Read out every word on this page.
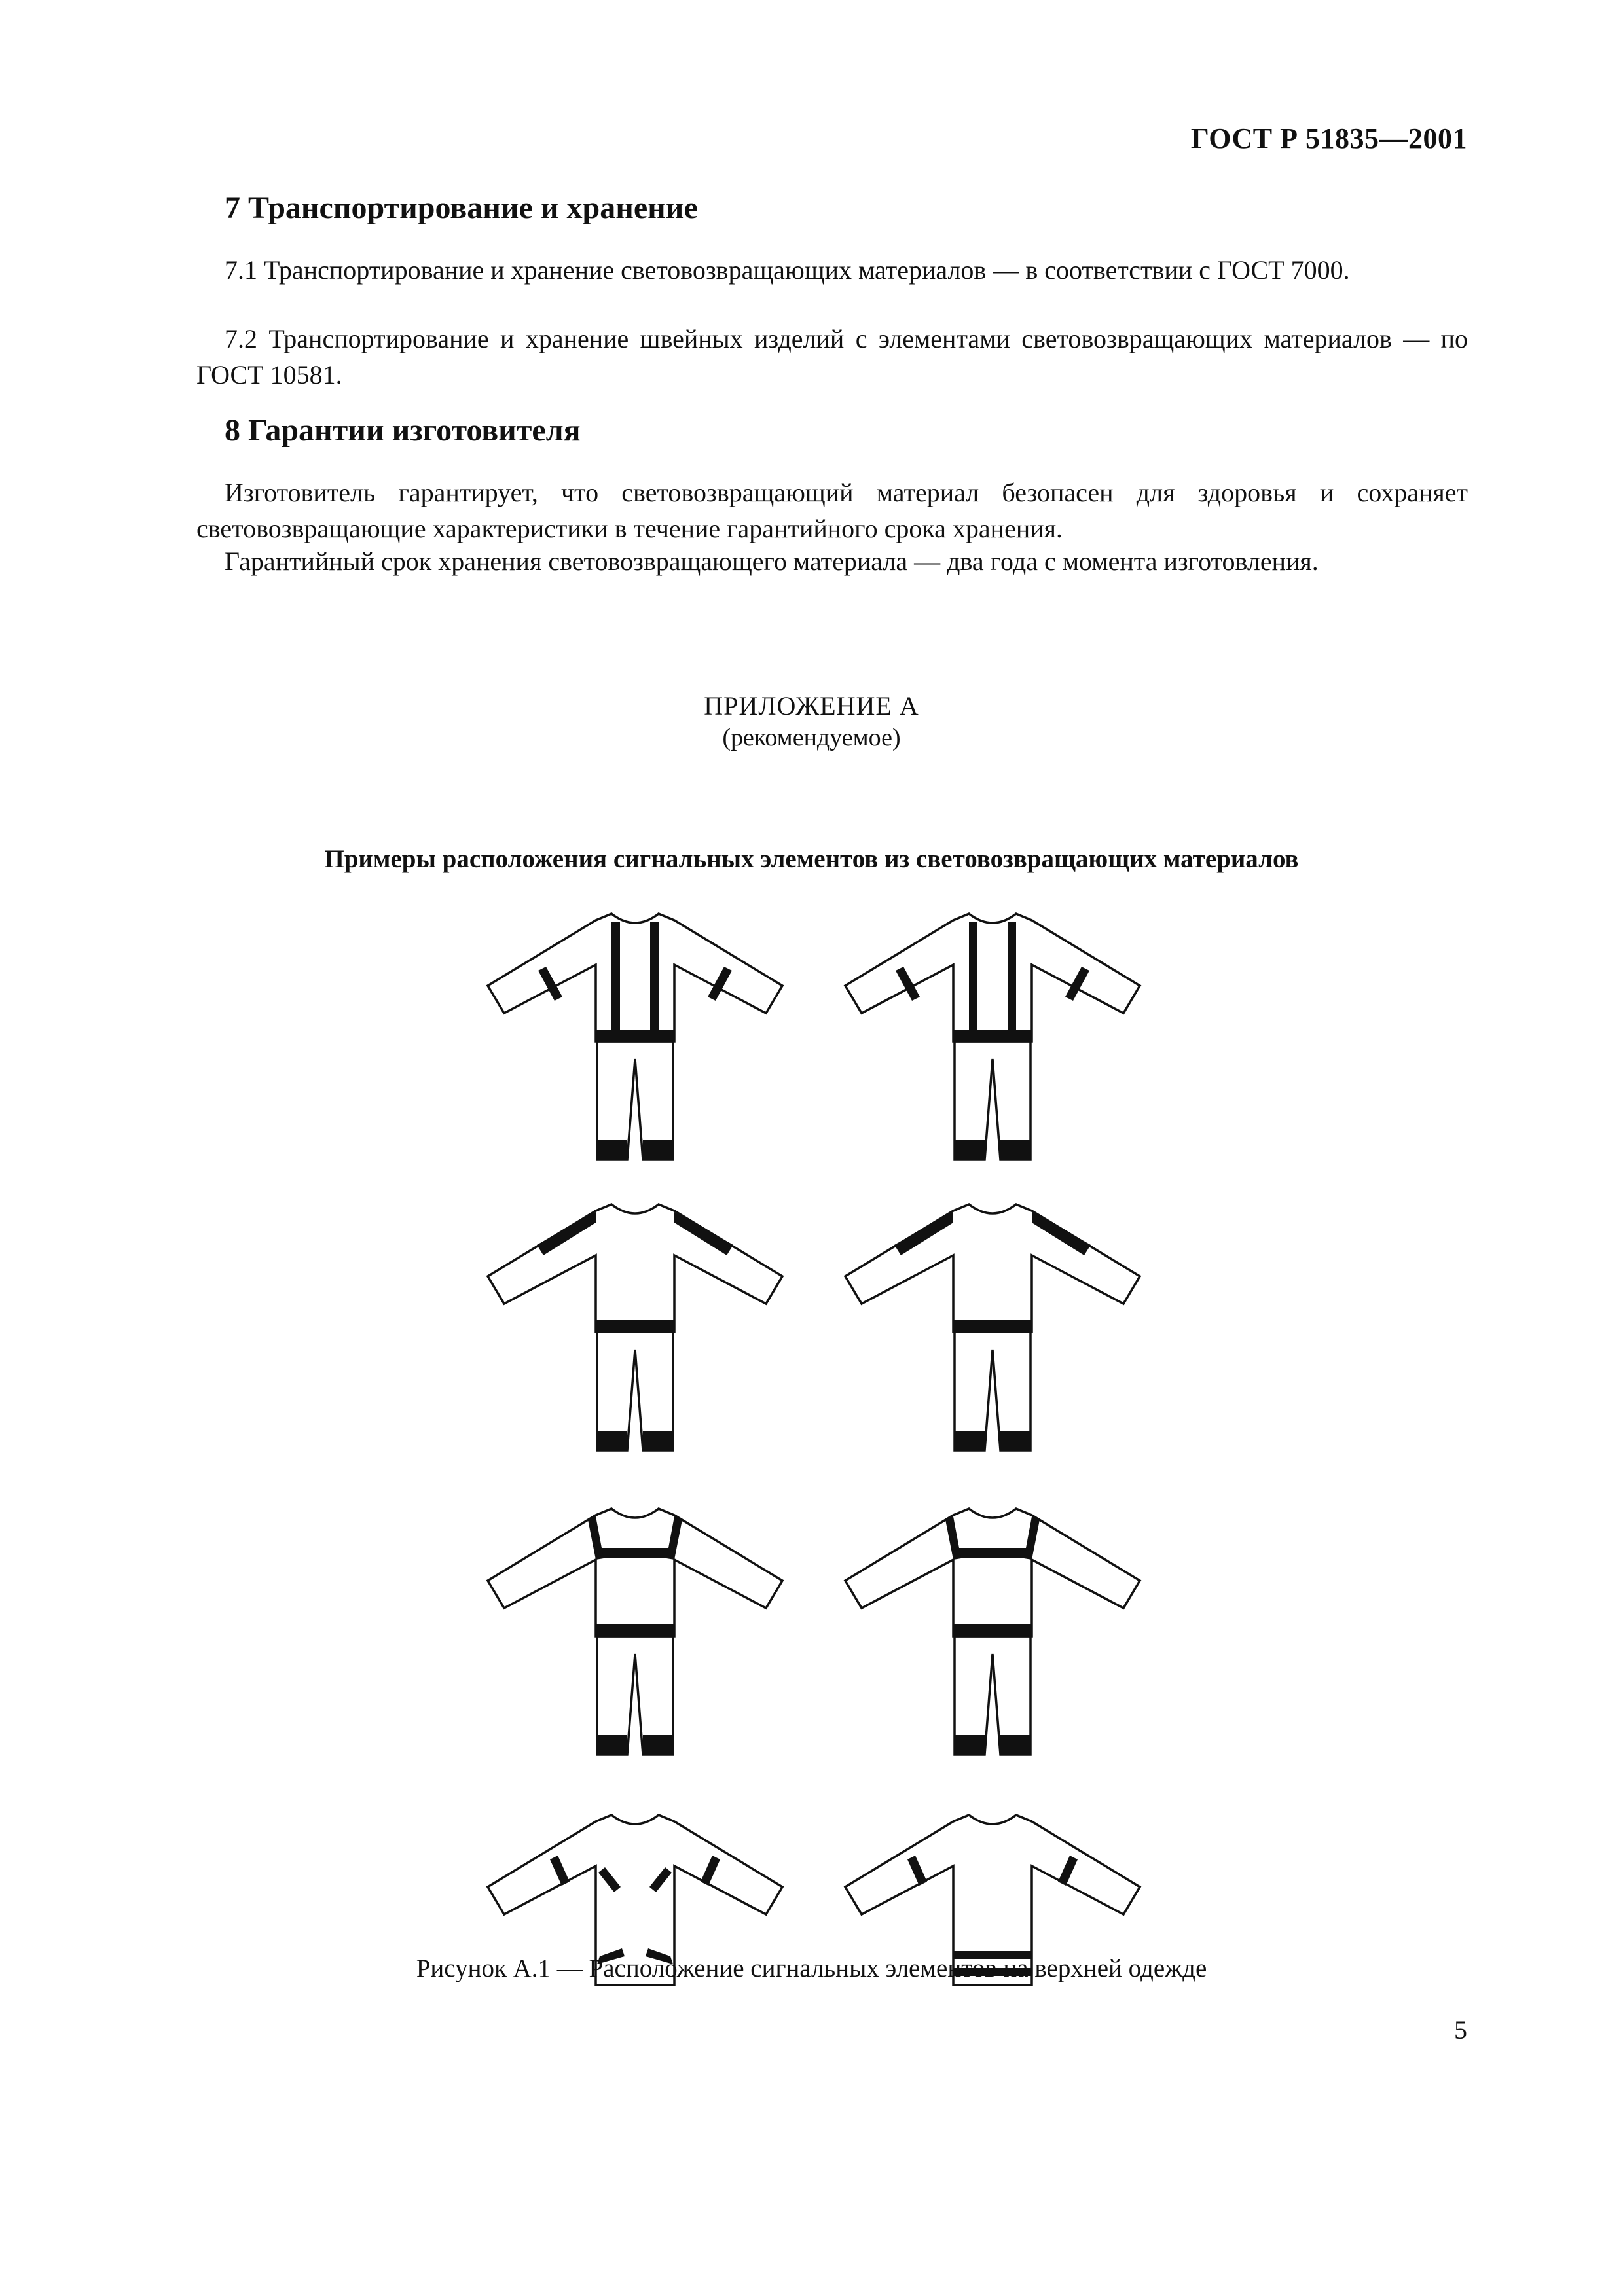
ГОСТ Р 51835—2001
7 Транспортирование и хранение

7.1 Транспортирование и хранение световозвращающих материалов — в соответствии с ГОСТ 7000.

7.2 Транспортирование и хранение швейных изделий с элементами световозвращающих материалов — по ГОСТ 10581.

8 Гарантии изготовителя

Изготовитель гарантирует, что световозвращающий материал безопасен для здоровья и сохраняет световозвращающие характеристики в течение гарантийного срока хранения.

Гарантийный срок хранения световозвращающего материала — два года с момента изготовления.

ПРИЛОЖЕНИЕ А
(рекомендуемое)
Примеры расположения сигнальных элементов из световозвращающих материалов
Рисунок А.1 — Расположение сигнальных элементов на верхней одежде
5
